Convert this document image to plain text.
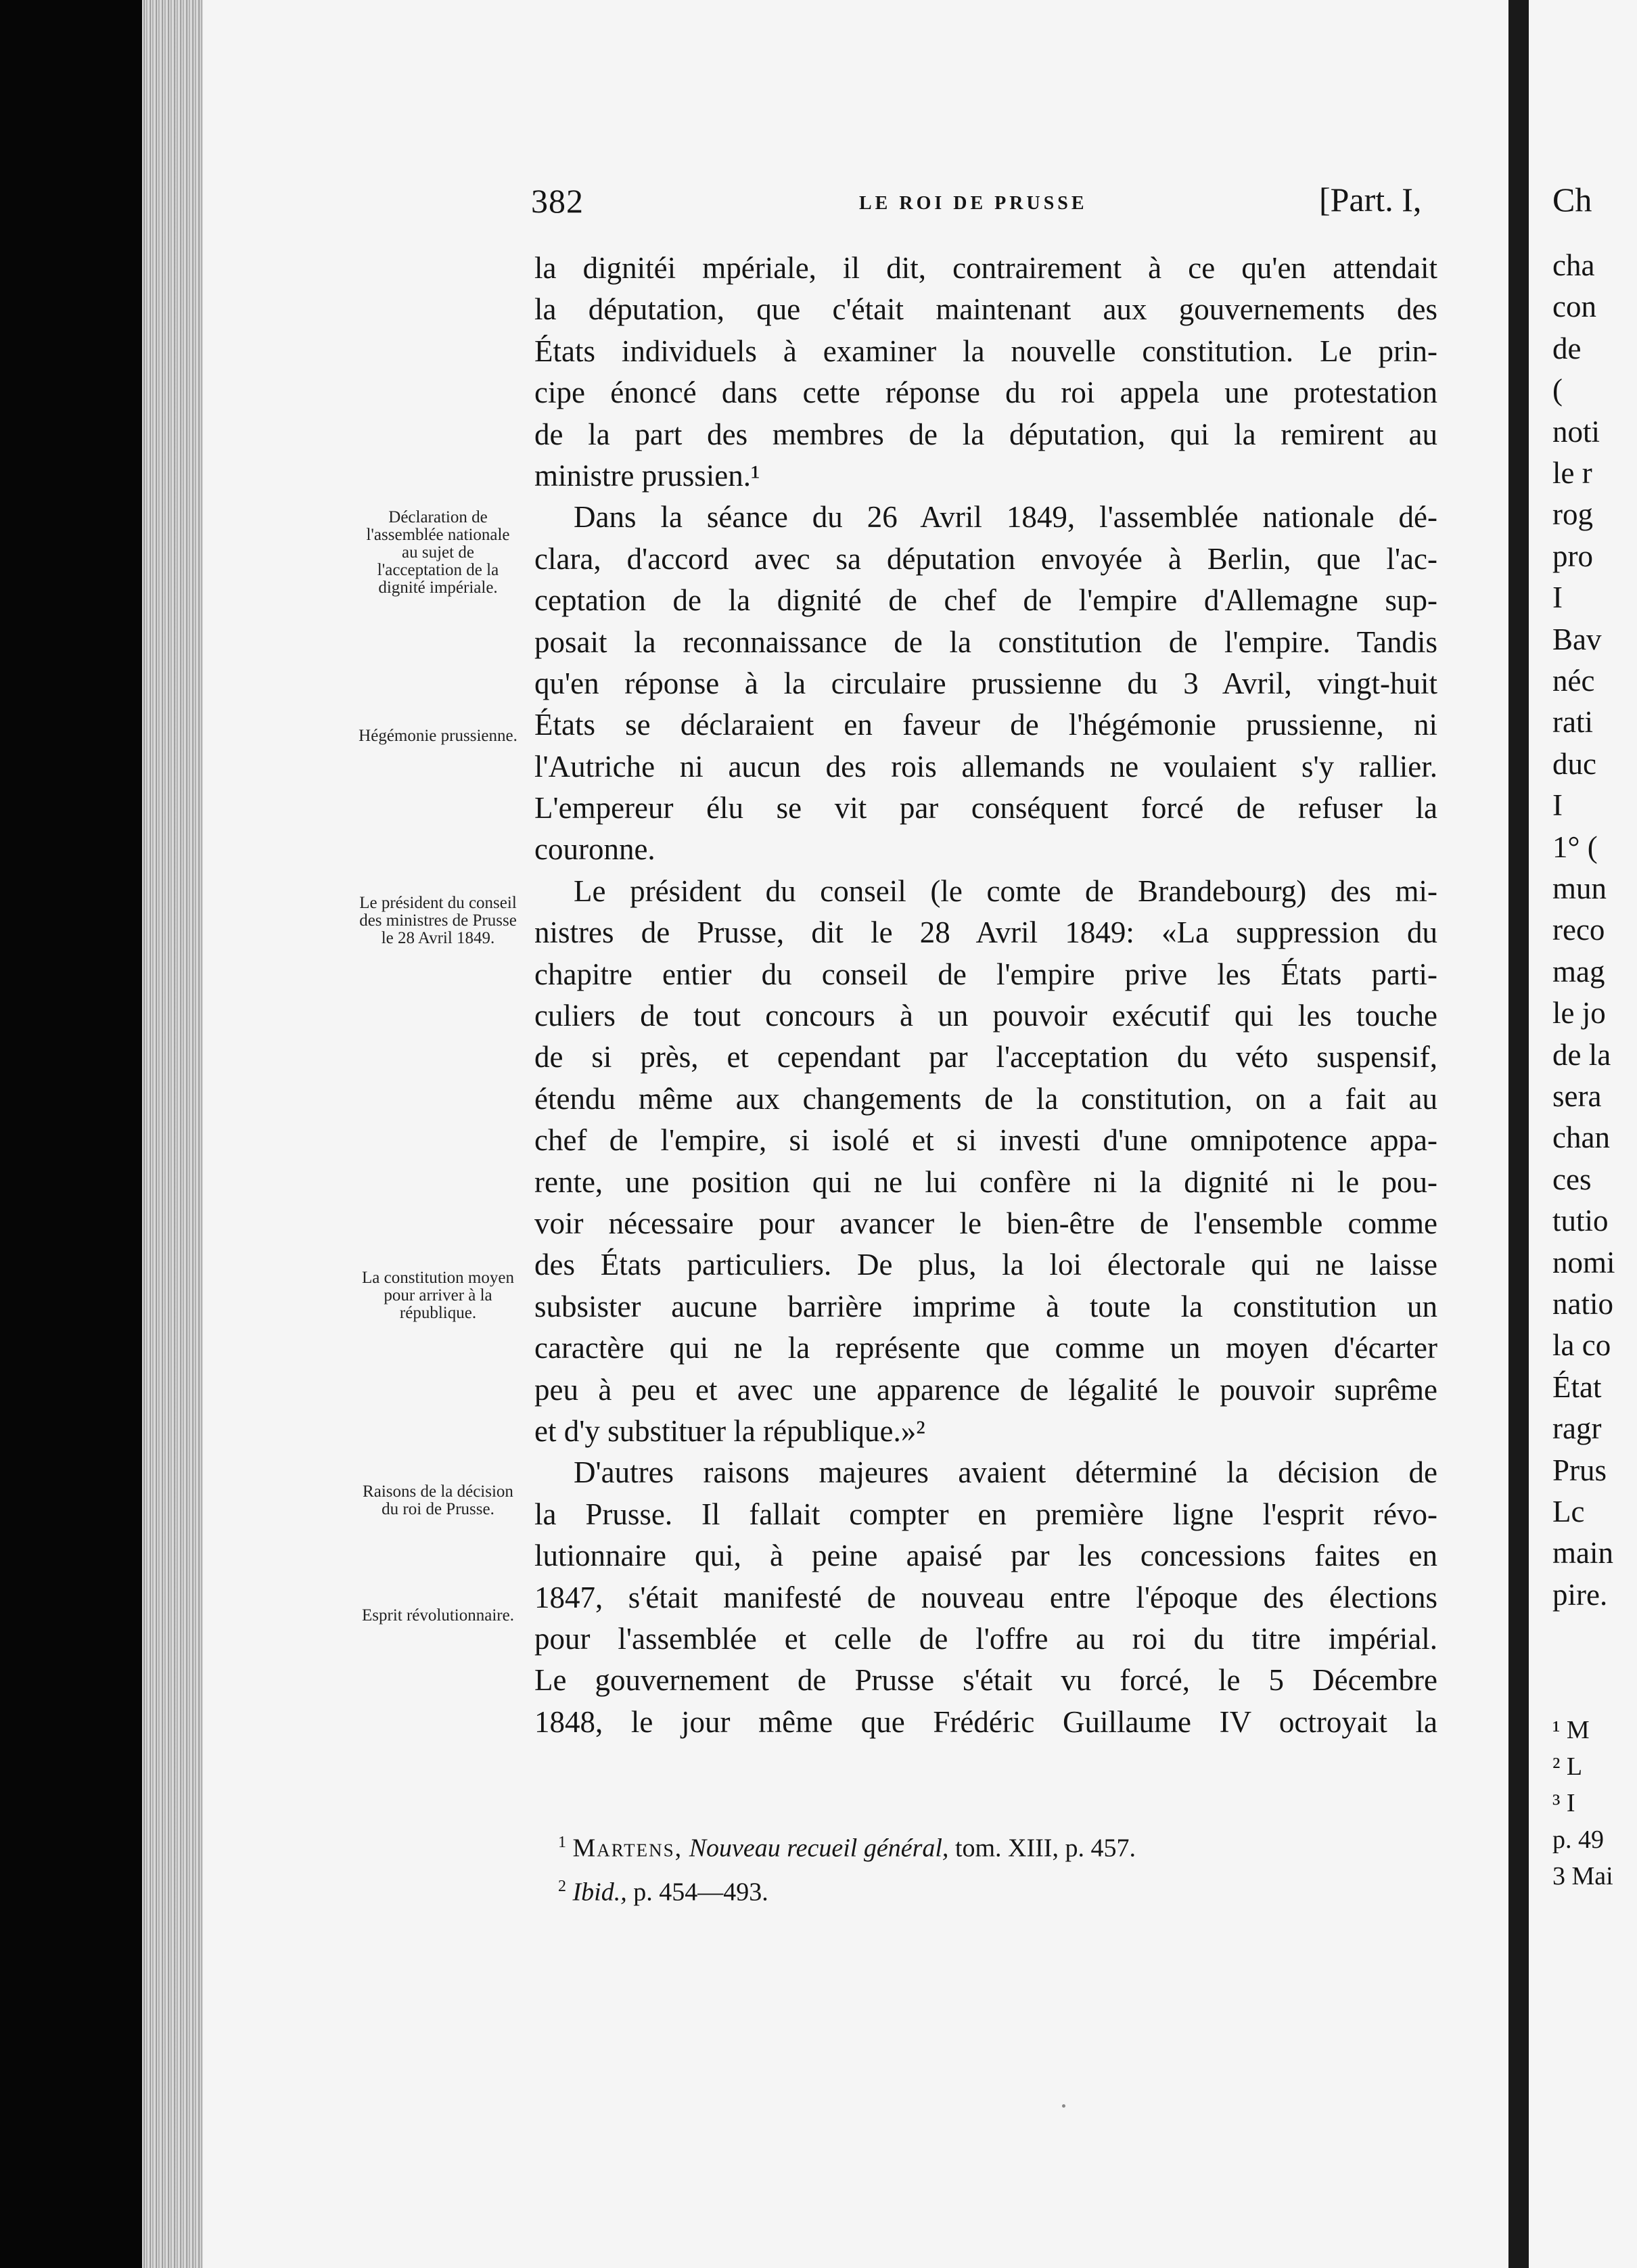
382	LE ROI DE PRUSSE	[Part. I,
la dignitéi mpériale, il dit, contrairement à ce qu'en attendait
la députation, que c'était maintenant aux gouvernements des
États individuels à examiner la nouvelle constitution. Le prin-
cipe énoncé dans cette réponse du roi appela une protestation
de la part des membres de la députation, qui la remirent au
ministre prussien.¹
Dans la séance du 26 Avril 1849, l'assemblée nationale dé-
clara, d'accord avec sa députation envoyée à Berlin, que l'ac-
ceptation de la dignité de chef de l'empire d'Allemagne sup-
posait la reconnaissance de la constitution de l'empire. Tandis
qu'en réponse à la circulaire prussienne du 3 Avril, vingt-huit
États se déclaraient en faveur de l'hégémonie prussienne, ni
l'Autriche ni aucun des rois allemands ne voulaient s'y rallier.
L'empereur élu se vit par conséquent forcé de refuser la
couronne.
Le président du conseil (le comte de Brandebourg) des mi-
nistres de Prusse, dit le 28 Avril 1849: «La suppression du
chapitre entier du conseil de l'empire prive les États parti-
culiers de tout concours à un pouvoir exécutif qui les touche
de si près, et cependant par l'acceptation du véto suspensif,
étendu même aux changements de la constitution, on a fait au
chef de l'empire, si isolé et si investi d'une omnipotence appa-
rente, une position qui ne lui confère ni la dignité ni le pou-
voir nécessaire pour avancer le bien-être de l'ensemble comme
des États particuliers. De plus, la loi électorale qui ne laisse
subsister aucune barrière imprime à toute la constitution un
caractère qui ne la représente que comme un moyen d'écarter
peu à peu et avec une apparence de légalité le pouvoir suprême
et d'y substituer la république.»²
D'autres raisons majeures avaient déterminé la décision de
la Prusse. Il fallait compter en première ligne l'esprit révo-
lutionnaire qui, à peine apaisé par les concessions faites en
1847, s'était manifesté de nouveau entre l'époque des élections
pour l'assemblée et celle de l'offre au roi du titre impérial.
Le gouvernement de Prusse s'était vu forcé, le 5 Décembre
1848, le jour même que Frédéric Guillaume IV octroyait la
Déclaration de l'assemblée nationale au sujet de l'acceptation de la dignité impériale.
Hégémonie prussienne.
Le président du conseil des ministres de Prusse le 28 Avril 1849.
La constitution moyen pour arriver à la république.
Raisons de la décision du roi de Prusse.
Esprit révolutionnaire.
$^1$ Martens, Nouveau recueil général, tom. XIII, p. 457.
$^2$ Ibid., p. 454—493.
Ch
cha
con
de
(
noti
le r
rog
pro
I
Bav
néc
rati
duc
I
1° (
mun
reco
mag
le jo
de la
sera
chan
ces
tutio
nomi
natio
la co
État
ragr
Prus
Lc
main
pire.
¹ M
² L
³ I
p. 49
3 Mai
